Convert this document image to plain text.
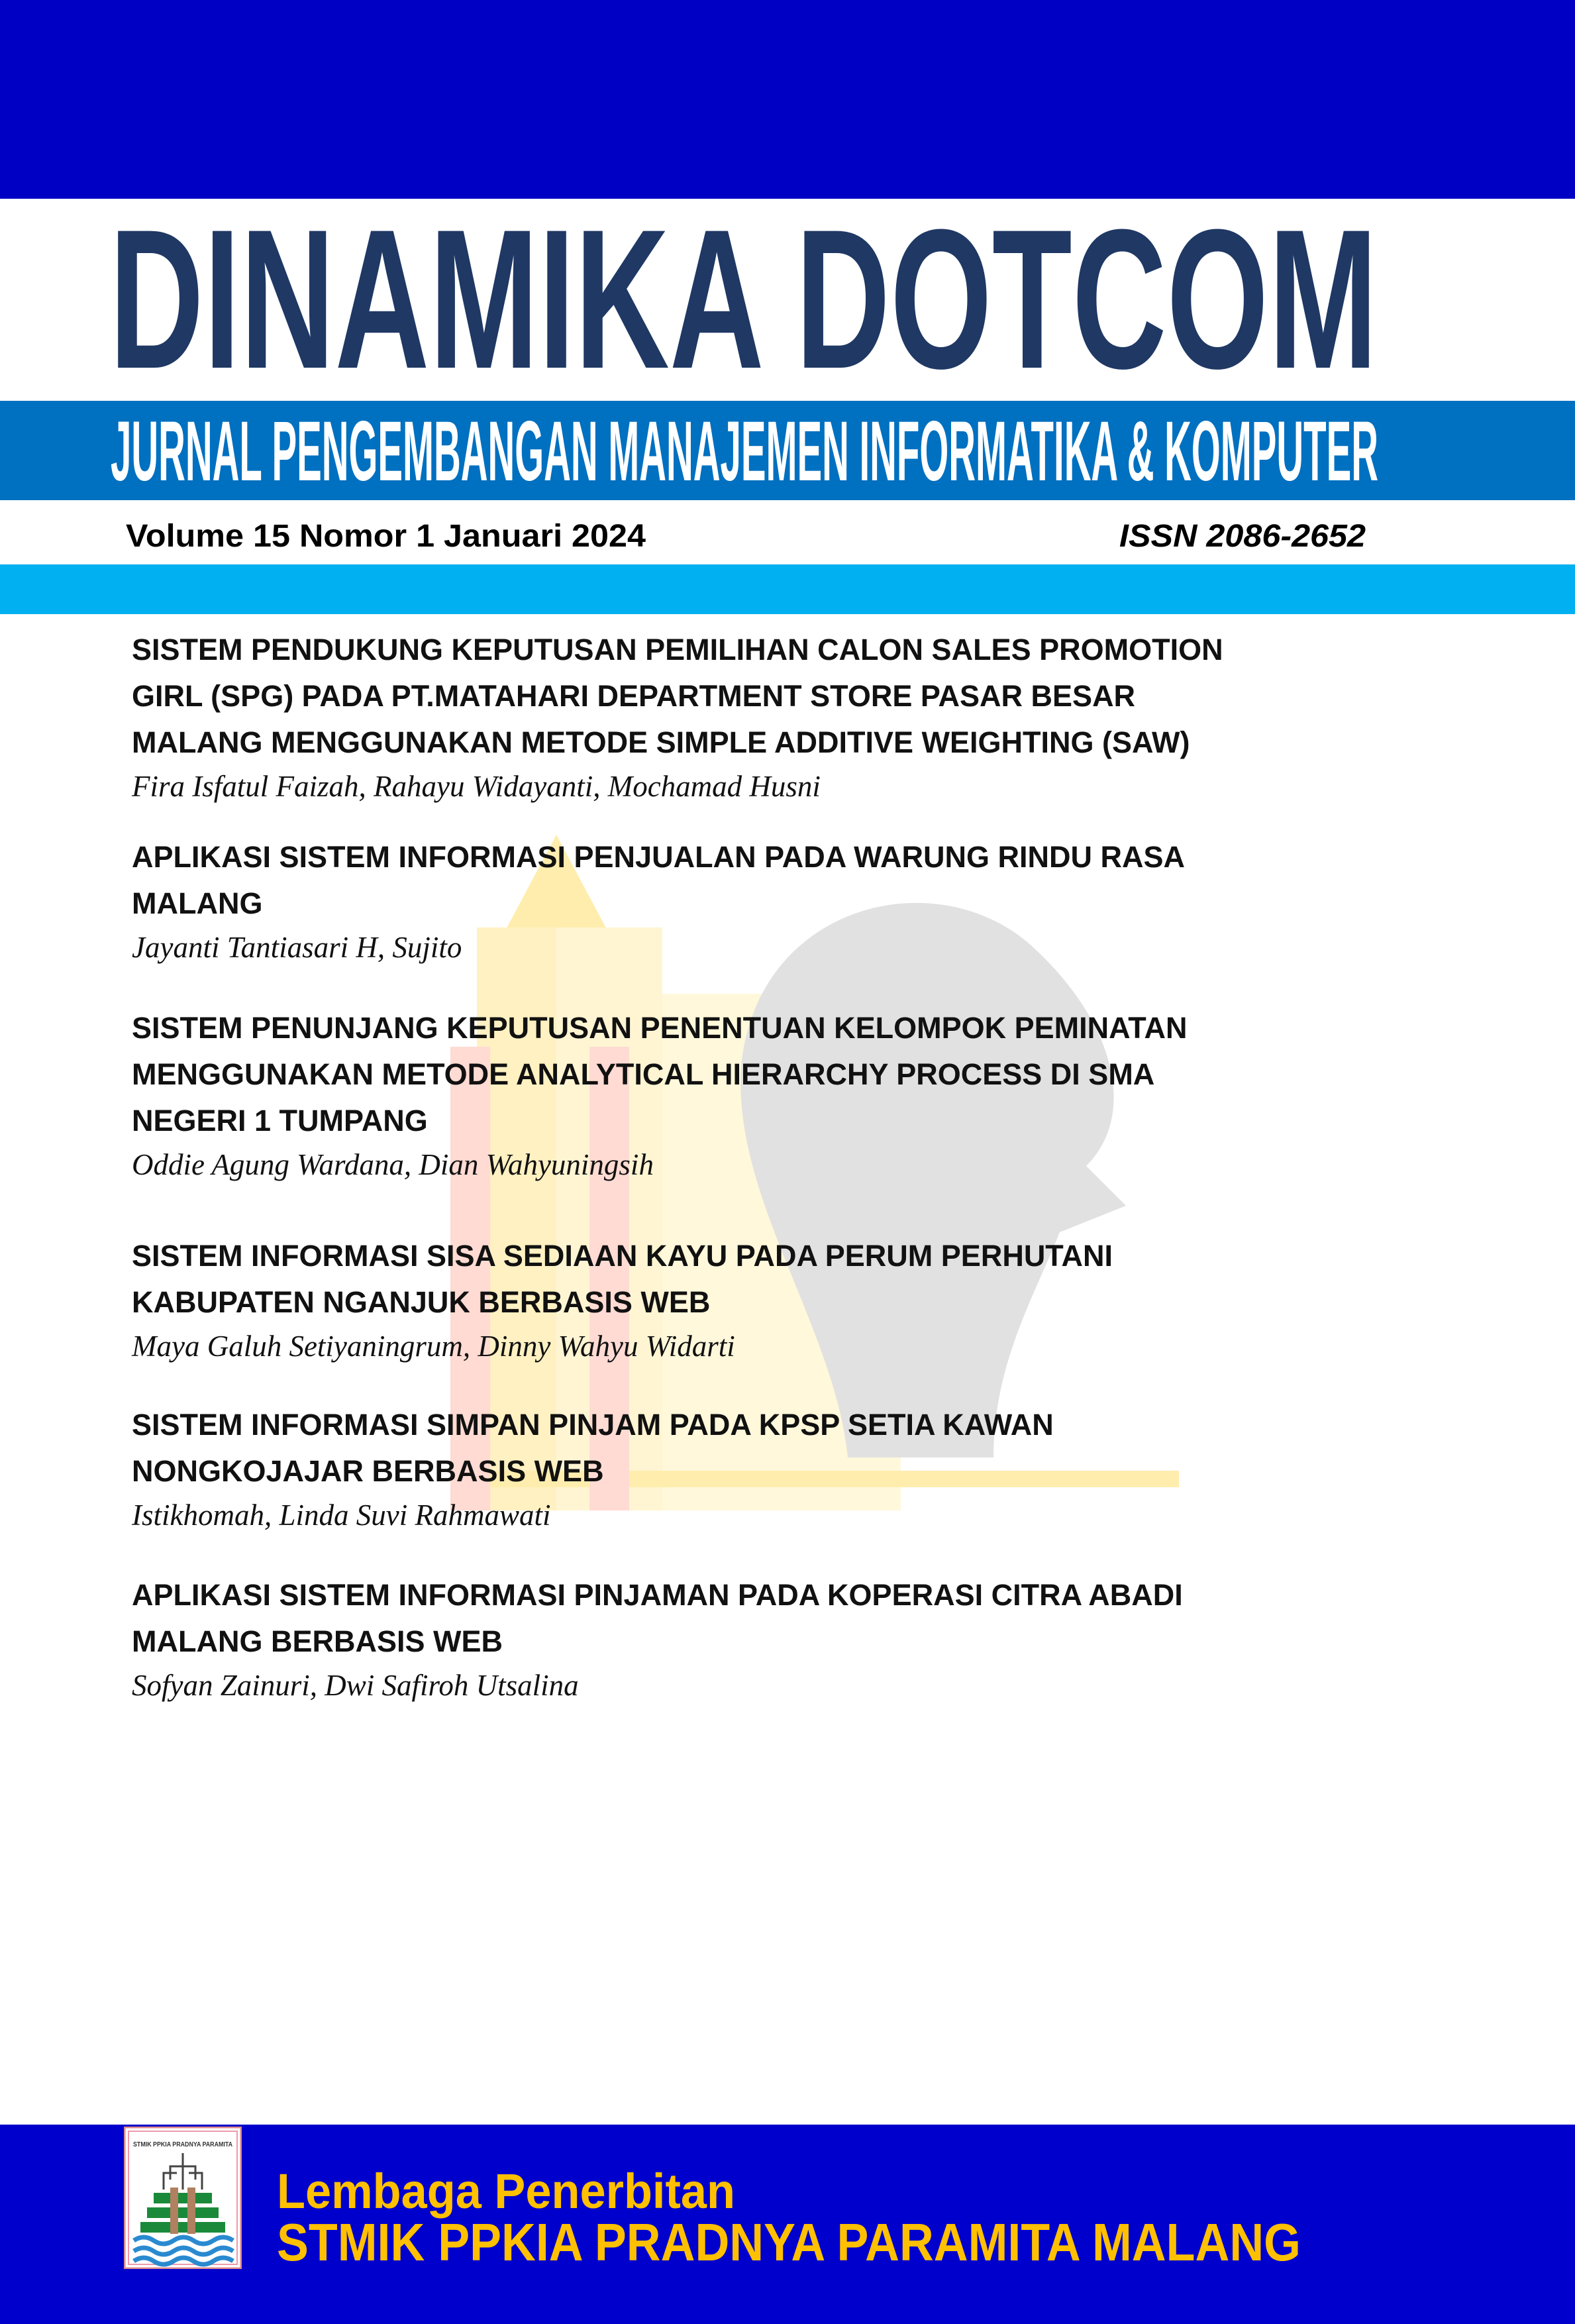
DINAMIKA DOTCOM
JURNAL PENGEMBANGAN MANAJEMEN INFORMATIKA & KOMPUTER
Volume 15 Nomor 1 Januari 2024	ISSN 2086-2652
SISTEM PENDUKUNG KEPUTUSAN PEMILIHAN CALON SALES PROMOTION
GIRL (SPG) PADA PT.MATAHARI DEPARTMENT STORE PASAR BESAR
MALANG MENGGUNAKAN METODE SIMPLE ADDITIVE WEIGHTING (SAW)
Fira Isfatul Faizah, Rahayu Widayanti, Mochamad Husni
APLIKASI SISTEM INFORMASI PENJUALAN PADA WARUNG RINDU RASA
MALANG
Jayanti Tantiasari H, Sujito
SISTEM PENUNJANG KEPUTUSAN PENENTUAN KELOMPOK PEMINATAN
MENGGUNAKAN METODE ANALYTICAL HIERARCHY PROCESS DI SMA
NEGERI 1 TUMPANG
Oddie Agung Wardana, Dian Wahyuningsih
SISTEM INFORMASI SISA SEDIAAN KAYU PADA PERUM PERHUTANI
KABUPATEN NGANJUK BERBASIS WEB
Maya Galuh Setiyaningrum, Dinny Wahyu Widarti
SISTEM INFORMASI SIMPAN PINJAM PADA KPSP SETIA KAWAN
NONGKOJAJAR BERBASIS WEB
Istikhomah, Linda Suvi Rahmawati
APLIKASI SISTEM INFORMASI PINJAMAN PADA KOPERASI CITRA ABADI
MALANG BERBASIS WEB
Sofyan Zainuri, Dwi Safiroh Utsalina
STMIK PPKIA PRADNYA PARAMITA
Lembaga Penerbitan
STMIK PPKIA PRADNYA PARAMITA MALANG
